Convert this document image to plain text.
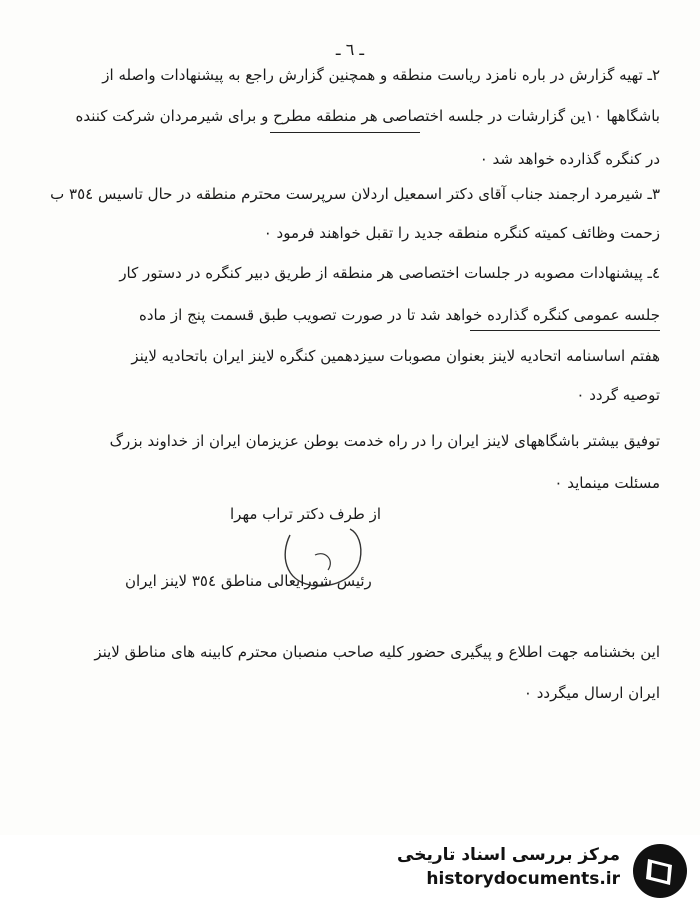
ـ ٦ ـ
۲ـ تهیه گزارش در باره نامزد ریاست منطقه و همچنین گزارش راجع به پیشنهادات واصله از
باشگاهها ۱۰ین گزارشات در جلسه اختصاصی هر منطقه مطرح و برای شیرمردان شرکت کننده
در کنگره گذارده خواهد شد ٠
۳ـ شیرمرد ارجمند جناب آقای دکتر اسمعیل اردلان سرپرست محترم منطقه در حال تاسیس ۳٥٤ ب
زحمت وظائف کمیته کنگره منطقه جدید را تقبل خواهند فرمود ٠
٤ـ پیشنهادات مصوبه در جلسات اختصاصی هر منطقه از طریق دبیر کنگره در دستور کار
جلسه عمومی کنگره گذارده خواهد شد تا در صورت تصویب طبق قسمت پنج از ماده
هفتم اساسنامه اتحادیه لاینز بعنوان مصوبات سیزدهمین کنگره لاینز ایران باتحادیه لاینز
توصیه گردد ٠
توفیق بیشتر باشگاههای لاینز ایران را در راه خدمت بوطن عزیزمان ایران از خداوند بزرگ
مسئلت مینماید ٠
از طرف دکتر تراب مهرا
رئیس شورایعالی مناطق ۳٥٤ لاینز ایران
این بخشنامه جهت اطلاع و پیگیری حضور کلیه صاحب منصبان محترم کابینه های مناطق لاینز
ایران ارسال میگردد ٠
مرکز بررسی اسناد تاریخی
historydocuments.ir
